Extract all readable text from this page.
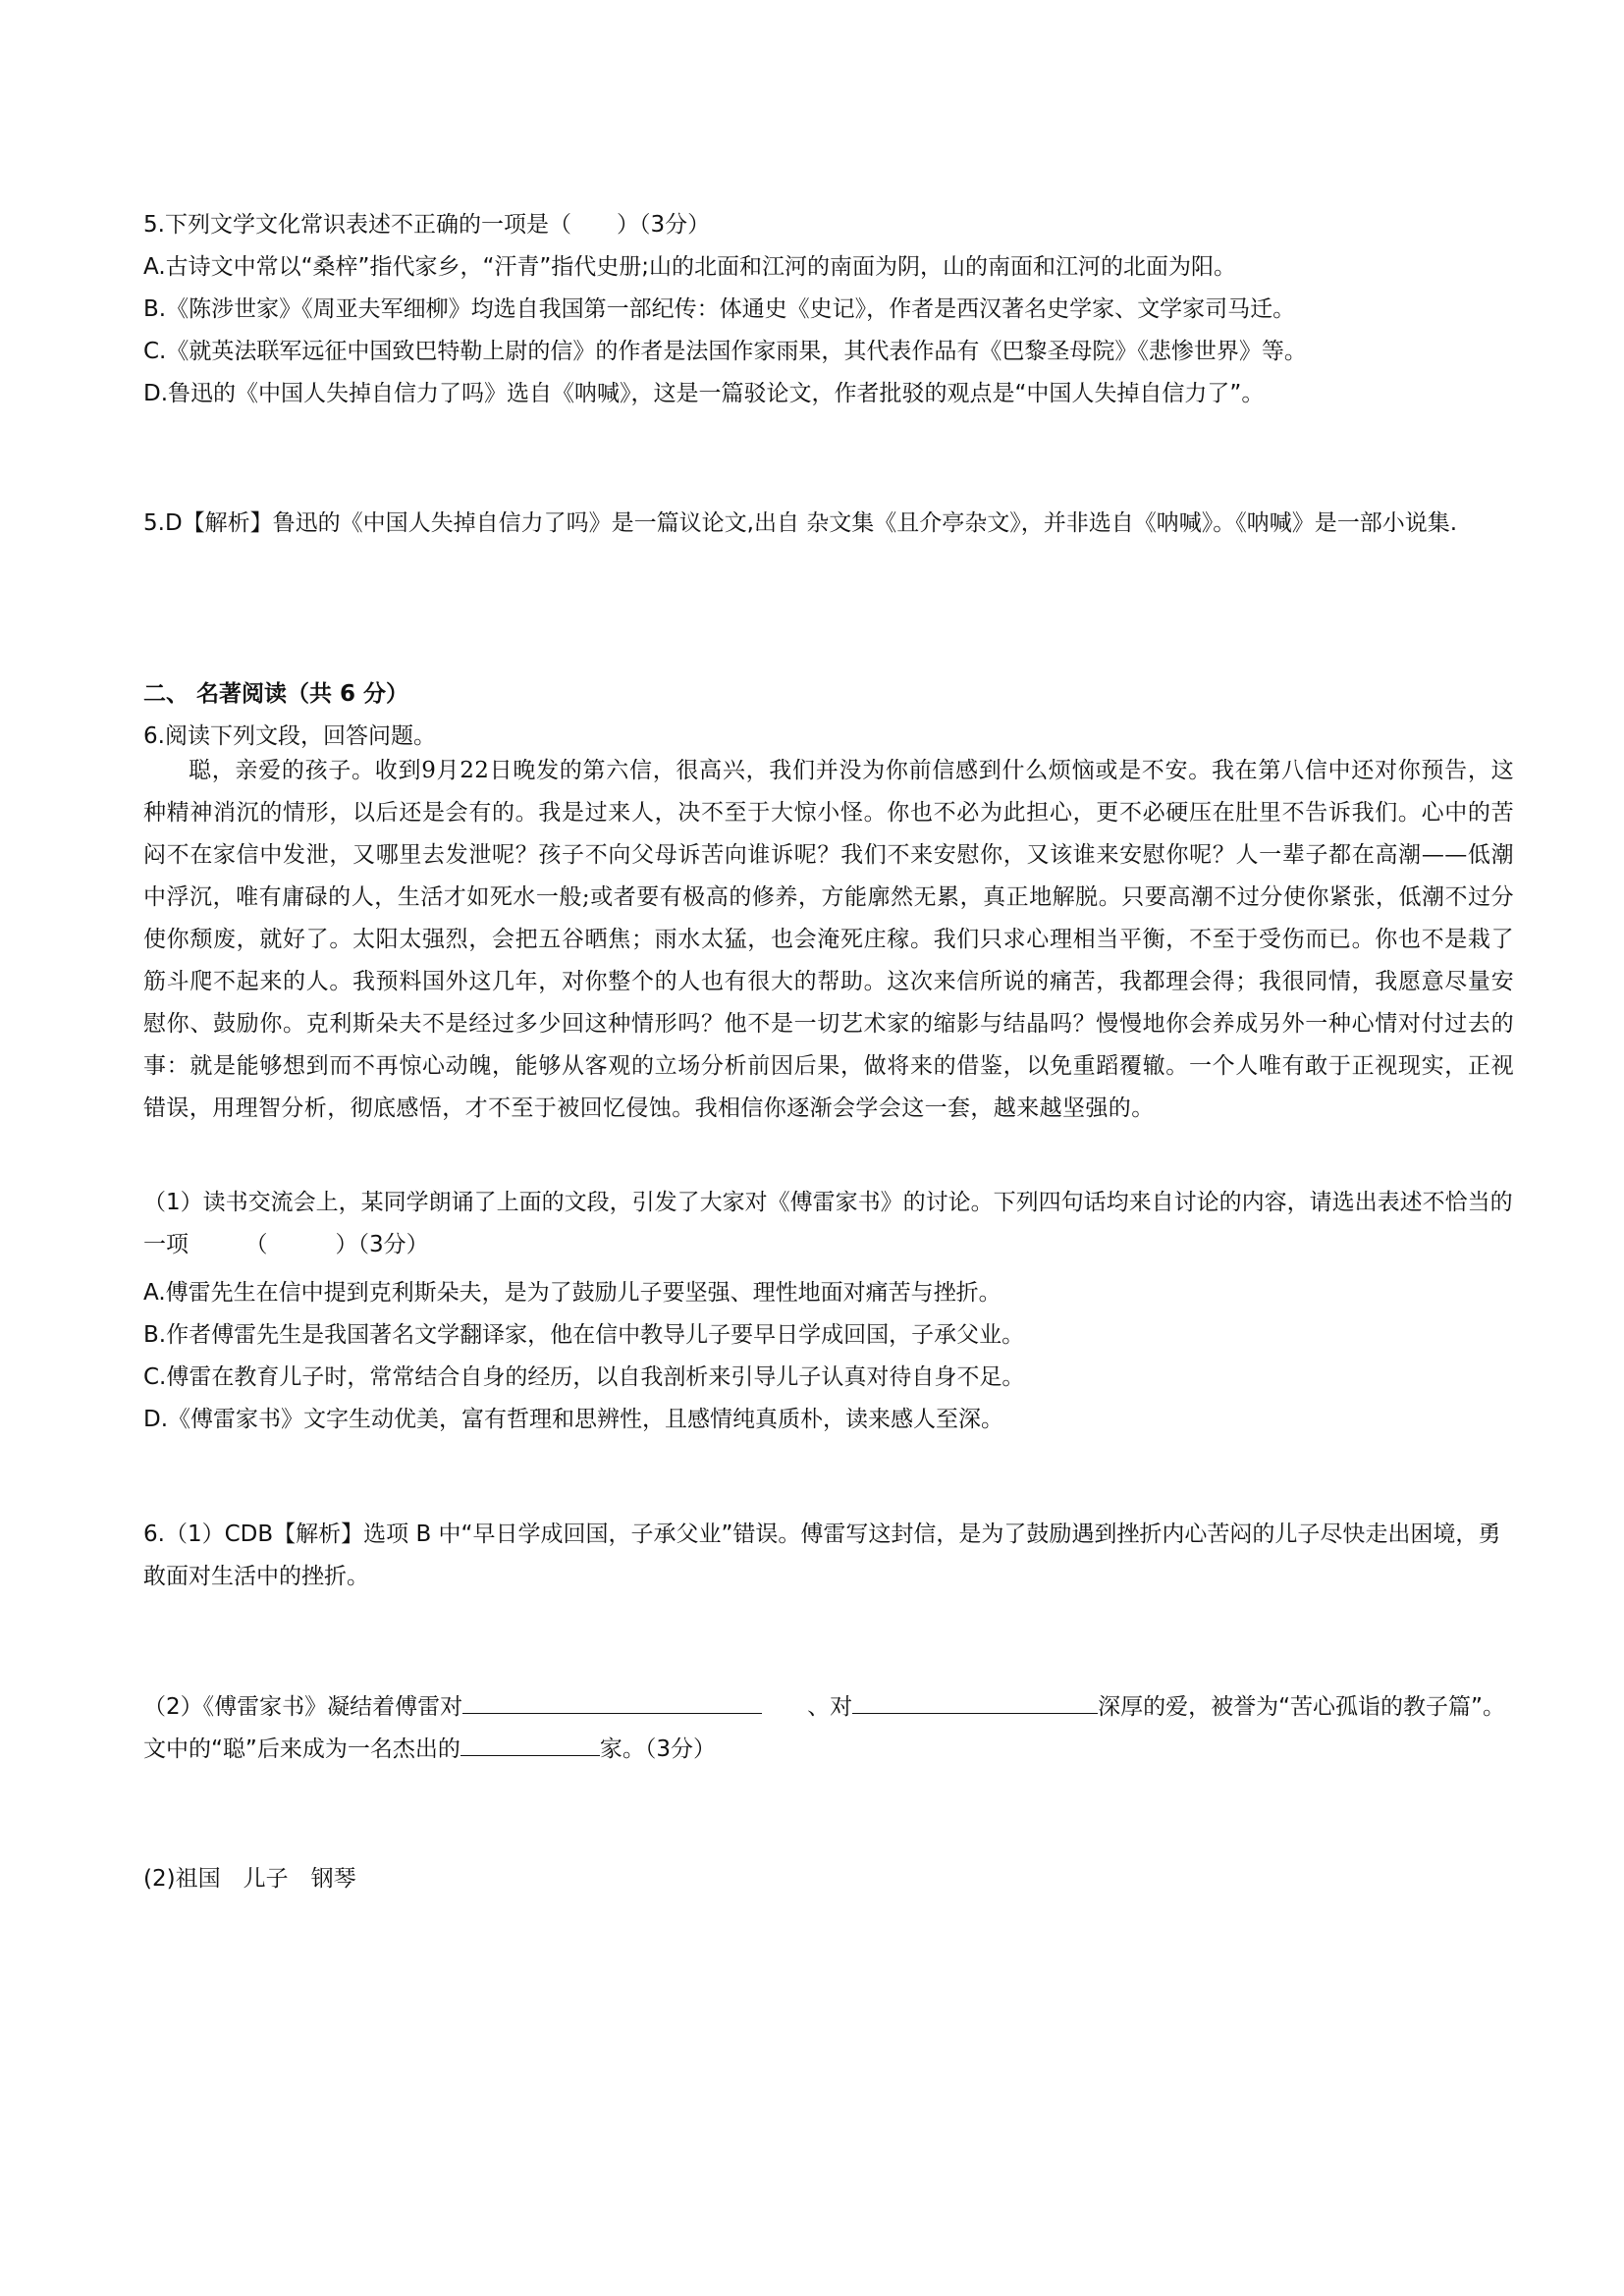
5.下列文学文化常识表述不正确的一项是（　　）（3分）
A.古诗文中常以“桑梓”指代家乡，“汗青”指代史册;山的北面和江河的南面为阴，山的南面和江河的北面为阳。
B.《陈涉世家》《周亚夫军细柳》均选自我国第一部纪传：体通史《史记》，作者是西汉著名史学家、文学家司马迁。
C.《就英法联军远征中国致巴特勒上尉的信》的作者是法国作家雨果，其代表作品有《巴黎圣母院》《悲惨世界》等。
D.鲁迅的《中国人失掉自信力了吗》选自《呐喊》，这是一篇驳论文，作者批驳的观点是“中国人失掉自信力了”。
5.D【解析】鲁迅的《中国人失掉自信力了吗》是一篇议论文,出自 杂文集《且介亭杂文》，并非选自《呐喊》。《呐喊》是一部小说集.
二、 名著阅读（共 6 分）
6.阅读下列文段，回答问题。
聪，亲爱的孩子。收到9月22日晚发的第六信，很高兴，我们并没为你前信感到什么烦恼或是不安。我在第八信中还对你预告，这种精神消沉的情形，以后还是会有的。我是过来人，决不至于大惊小怪。你也不必为此担心，更不必硬压在肚里不告诉我们。心中的苦闷不在家信中发泄，又哪里去发泄呢？孩子不向父母诉苦向谁诉呢？我们不来安慰你，又该谁来安慰你呢？人一辈子都在高潮——低潮中浮沉，唯有庸碌的人，生活才如死水一般;或者要有极高的修养，方能廓然无累，真正地解脱。只要高潮不过分使你紧张，低潮不过分使你颓废，就好了。太阳太强烈，会把五谷晒焦；雨水太猛，也会淹死庄稼。我们只求心理相当平衡，不至于受伤而已。你也不是栽了筋斗爬不起来的人。我预料国外这几年，对你整个的人也有很大的帮助。这次来信所说的痛苦，我都理会得；我很同情，我愿意尽量安慰你、鼓励你。克利斯朵夫不是经过多少回这种情形吗？他不是一切艺术家的缩影与结晶吗？慢慢地你会养成另外一种心情对付过去的事：就是能够想到而不再惊心动魄，能够从客观的立场分析前因后果，做将来的借鉴，以免重蹈覆辙。一个人唯有敢于正视现实，正视错误，用理智分析，彻底感悟，才不至于被回忆侵蚀。我相信你逐渐会学会这一套，越来越坚强的。
（1）读书交流会上，某同学朗诵了上面的文段，引发了大家对《傅雷家书》的讨论。下列四句话均来自讨论的内容，请选出表述不恰当的一项　　　（　　　）（3分）
A.傅雷先生在信中提到克利斯朵夫，是为了鼓励儿子要坚强、理性地面对痛苦与挫折。
B.作者傅雷先生是我国著名文学翻译家，他在信中教导儿子要早日学成回国，子承父业。
C.傅雷在教育儿子时，常常结合自身的经历，以自我剖析来引导儿子认真对待自身不足。
D.《傅雷家书》文字生动优美，富有哲理和思辨性，且感情纯真质朴，读来感人至深。
6.（1）CDB【解析】选项 B 中“早日学成回国，子承父业”错误。傅雷写这封信，是为了鼓励遇到挫折内心苦闷的儿子尽快走出困境，勇敢面对生活中的挫折。
（2）《傅雷家书》凝结着傅雷对	　　、对	深厚的爱，被誉为“苦心孤诣的教子篇”。文中的“聪”后来成为一名杰出的	家。（3分）
(2)祖国　儿子　钢琴
